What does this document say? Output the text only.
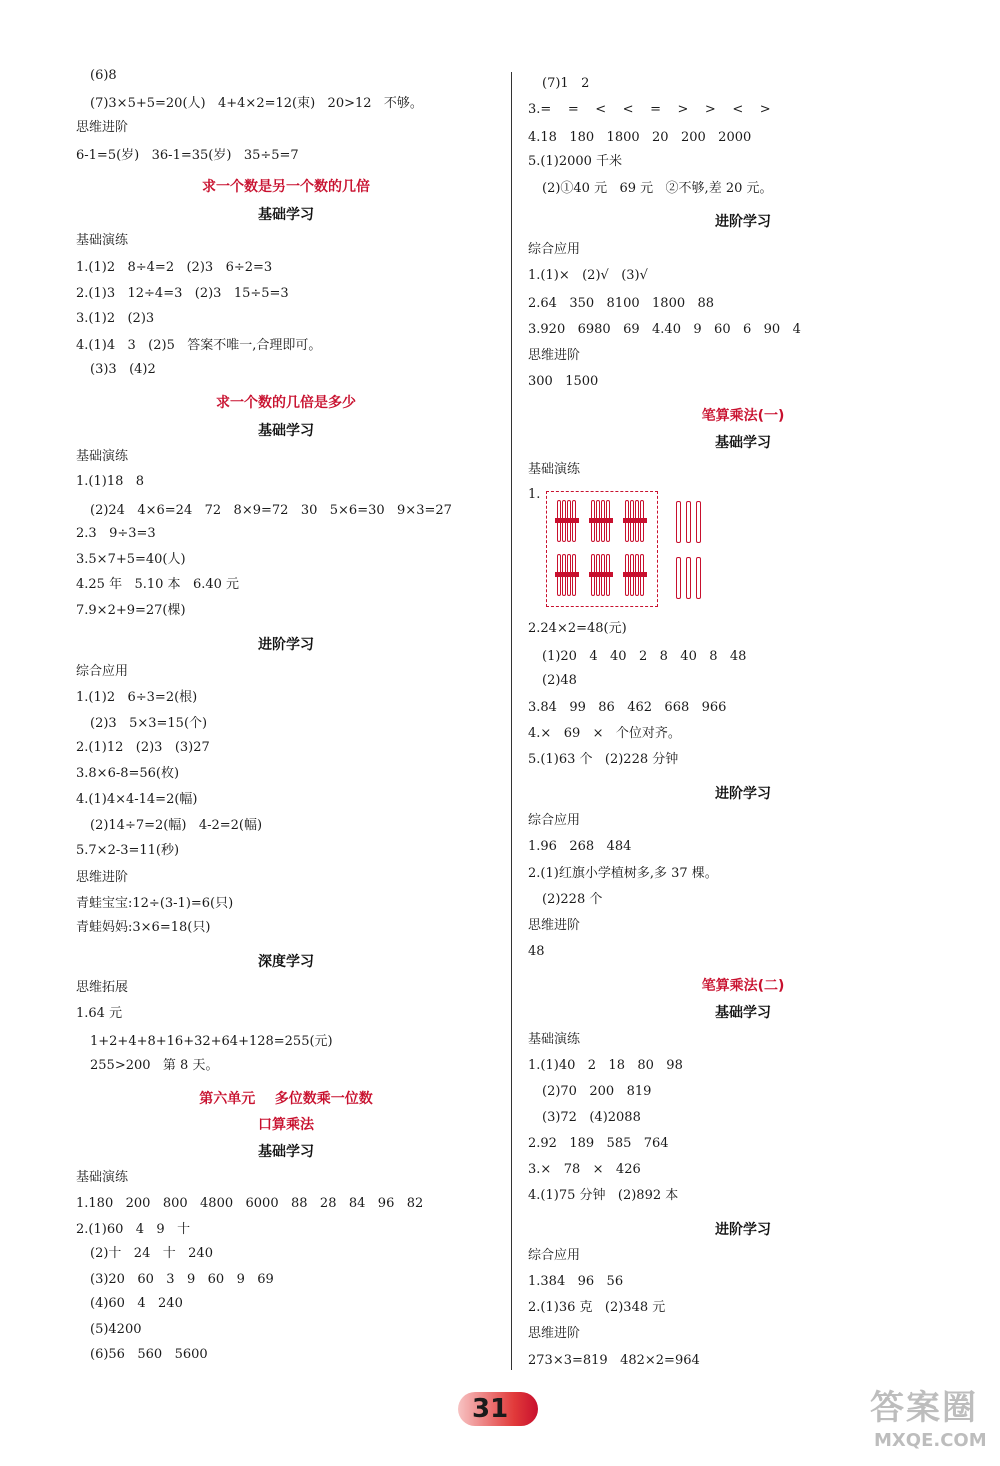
(6)8
(7)3×5+5=20(人)   4+4×2=12(束)   20>12   不够。
思维进阶
6-1=5(岁)   36-1=35(岁)   35÷5=7
求一个数是另一个数的几倍
基础学习
基础演练
1.(1)2   8÷4=2   (2)3   6÷2=3
2.(1)3   12÷4=3   (2)3   15÷5=3
3.(1)2   (2)3
4.(1)4   3   (2)5   答案不唯一,合理即可。
(3)3   (4)2
求一个数的几倍是多少
基础学习
基础演练
1.(1)18   8
(2)24   4×6=24   72   8×9=72   30   5×6=30   9×3=27
2.3   9÷3=3
3.5×7+5=40(人)
4.25 年   5.10 本   6.40 元
7.9×2+9=27(棵)
进阶学习
综合应用
1.(1)2   6÷3=2(根)
(2)3   5×3=15(个)
2.(1)12   (2)3   (3)27
3.8×6-8=56(枚)
4.(1)4×4-14=2(幅)
(2)14÷7=2(幅)   4-2=2(幅)
5.7×2-3=11(秒)
思维进阶
青蛙宝宝:12÷(3-1)=6(只)
青蛙妈妈:3×6=18(只)
深度学习
思维拓展
1.64 元
1+2+4+8+16+32+64+128=255(元)
255>200   第 8 天。
第六单元    多位数乘一位数
口算乘法
基础学习
基础演练
1.180   200   800   4800   6000   88   28   84   96   82
2.(1)60   4   9   十
(2)十   24   十   240
(3)20   60   3   9   60   9   69
(4)60   4   240
(5)4200
(6)56   560   5600
(7)1   2
3.=    =    <    <    =    >    >    <    >
4.18   180   1800   20   200   2000
5.(1)2000 千米
(2)①40 元   69 元   ②不够,差 20 元。
进阶学习
综合应用
1.(1)×   (2)√   (3)√
2.64   350   8100   1800   88
3.920   6980   69   4.40   9   60   6   90   4
思维进阶
300   1500
笔算乘法(一)
基础学习
基础演练
1.
2.24×2=48(元)
(1)20   4   40   2   8   40   8   48
(2)48
3.84   99   86   462   668   966
4.×   69   ×   个位对齐。
5.(1)63 个   (2)228 分钟
进阶学习
综合应用
1.96   268   484
2.(1)红旗小学植树多,多 37 棵。
(2)228 个
思维进阶
48
笔算乘法(二)
基础学习
基础演练
1.(1)40   2   18   80   98
(2)70   200   819
(3)72   (4)2088
2.92   189   585   764
3.×   78   ×   426
4.(1)75 分钟   (2)892 本
进阶学习
综合应用
1.384   96   56
2.(1)36 克   (2)348 元
思维进阶
273×3=819   482×2=964
31	答案圈
MXQE.COM
